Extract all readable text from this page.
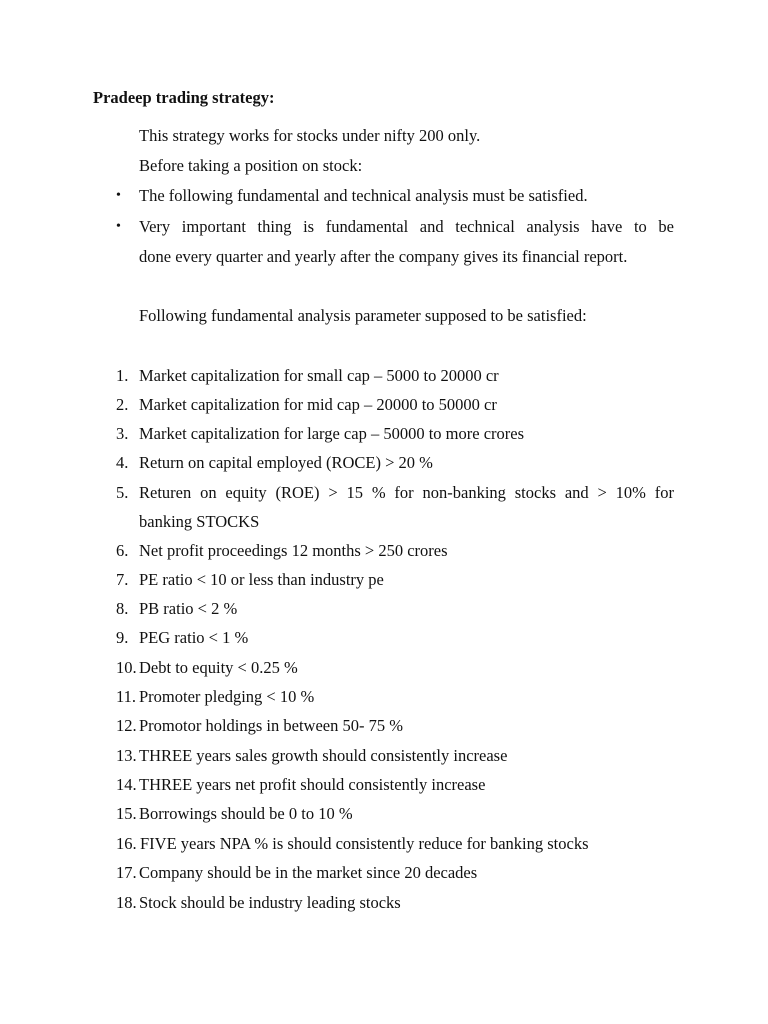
Pradeep trading strategy:
This strategy works for stocks under nifty 200 only.
Before taking a position on stock:
• The following fundamental and technical analysis must be satisfied.
• Very important thing is fundamental and technical analysis have to be
done every quarter and yearly after the company gives its financial report.
Following fundamental analysis parameter supposed to be satisfied:
1. Market capitalization for small cap – 5000 to 20000 cr
2. Market capitalization for mid cap – 20000 to 50000 cr
3. Market capitalization for large cap – 50000 to more crores
4. Return on capital employed (ROCE) > 20 %
5. Returen on equity (ROE) > 15 % for non-banking stocks and > 10% for
banking STOCKS
6. Net profit proceedings 12 months > 250 crores
7. PE ratio < 10 or less than industry pe
8. PB ratio < 2 %
9. PEG ratio < 1 %
10. Debt to equity < 0.25 %
11. Promoter pledging < 10 %
12. Promotor holdings in between 50- 75 %
13. THREE years sales growth should consistently increase
14. THREE years net profit should consistently increase
15. Borrowings should be 0 to 10 %
16. FIVE years NPA % is should consistently reduce for banking stocks
17. Company should be in the market since 20 decades
18. Stock should be industry leading stocks
